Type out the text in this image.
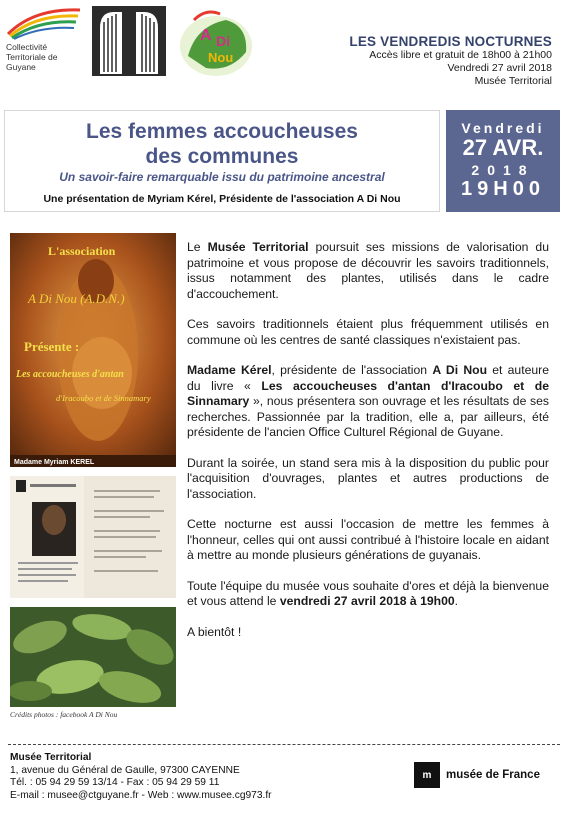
Collectivité Territoriale de Guyane
A Di
Nou
LES VENDREDIS NOCTURNES
Accès libre et gratuit de 18h00 à 21h00
Vendredi 27 avril 2018
Musée Territorial
Les femmes accoucheuses des communes
Un savoir-faire remarquable issu du patrimoine ancestral
Une présentation de Myriam Kérel, Présidente de l'association A Di Nou
Vendredi
27 AVR.
2018
19H00
L'association
A Di Nou (A.D.N.)
Présente :
Les accoucheuses d'antan
d'Iracoubo et de Sinnamary
Madame Myriam KEREL
Crédits photos : facebook A Di Nou

Le Musée Territorial poursuit ses missions de valorisation du patrimoine et vous propose de découvrir les savoirs traditionnels, issus notamment des plantes, utilisés dans le cadre d'accouchement.

Ces savoirs traditionnels étaient plus fréquemment utilisés en commune où les centres de santé classiques n'existaient pas.

Madame Kérel, présidente de l'association A Di Nou et auteure du livre « Les accoucheuses d'antan d'Iracoubo et de Sinnamary », nous présentera son ouvrage et les résultats de ses recherches. Passionnée par la tradition, elle a, par ailleurs, été présidente de l'ancien Office Culturel Régional de Guyane.

Durant la soirée, un stand sera mis à la disposition du public pour l'acquisition d'ouvrages, plantes et autres productions de l'association.

Cette nocturne est aussi l'occasion de mettre les femmes à l'honneur, celles qui ont aussi contribué à l'histoire locale en aidant à mettre au monde plusieurs générations de guyanais.

Toute l'équipe du musée vous souhaite d'ores et déjà la bienvenue et vous attend le vendredi 27 avril 2018 à 19h00.

A bientôt !

Musée Territorial
1, avenue du Général de Gaulle, 97300 CAYENNE
Tél. : 05 94 29 59 13/14 - Fax : 05 94 29 59 11
E-mail : musee@ctguyane.fr - Web : www.musee.cg973.fr
m	musée de France
